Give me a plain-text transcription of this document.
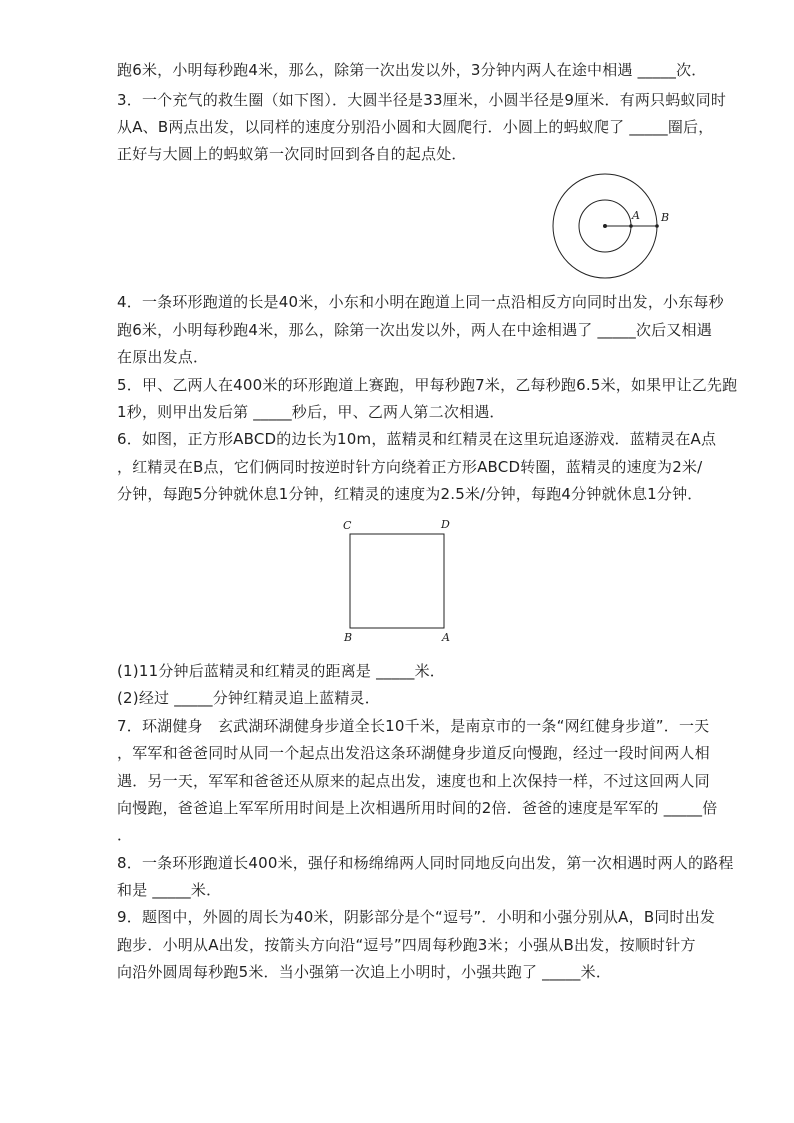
跑6米，小明每秒跑4米，那么，除第一次出发以外，3分钟内两人在途中相遇 _____次．
3．一个充气的救生圈（如下图）．大圆半径是33厘米，小圆半径是9厘米．有两只蚂蚁同时
从A、B两点出发，以同样的速度分别沿小圆和大圆爬行．小圆上的蚂蚁爬了 _____圈后，
正好与大圆上的蚂蚁第一次同时回到各自的起点处．
A B
4．一条环形跑道的长是40米，小东和小明在跑道上同一点沿相反方向同时出发，小东每秒
跑6米，小明每秒跑4米，那么，除第一次出发以外，两人在中途相遇了 _____次后又相遇
在原出发点．
5．甲、乙两人在400米的环形跑道上赛跑，甲每秒跑7米，乙每秒跑6.5米，如果甲让乙先跑
1秒，则甲出发后第 _____秒后，甲、乙两人第二次相遇．
6．如图，正方形ABCD的边长为10m，蓝精灵和红精灵在这里玩追逐游戏．蓝精灵在A点
，红精灵在B点，它们俩同时按逆时针方向绕着正方形ABCD转圈，蓝精灵的速度为2米/
分钟，每跑5分钟就休息1分钟，红精灵的速度为2.5米/分钟，每跑4分钟就休息1分钟．
C	D
B	A
(1)11分钟后蓝精灵和红精灵的距离是 _____米．
(2)经过 _____分钟红精灵追上蓝精灵．
7．环湖健身　玄武湖环湖健身步道全长10千米，是南京市的一条“网红健身步道”．一天
，军军和爸爸同时从同一个起点出发沿这条环湖健身步道反向慢跑，经过一段时间两人相
遇．另一天，军军和爸爸还从原来的起点出发，速度也和上次保持一样，不过这回两人同
向慢跑，爸爸追上军军所用时间是上次相遇所用时间的2倍．爸爸的速度是军军的 _____倍
．
8．一条环形跑道长400米，强仔和杨绵绵两人同时同地反向出发，第一次相遇时两人的路程
和是 _____米．
9．题图中，外圆的周长为40米，阴影部分是个“逗号”．小明和小强分别从A，B同时出发
跑步．小明从A出发，按箭头方向沿“逗号”四周每秒跑3米；小强从B出发，按顺时针方
向沿外圆周每秒跑5米．当小强第一次追上小明时，小强共跑了 _____米．
